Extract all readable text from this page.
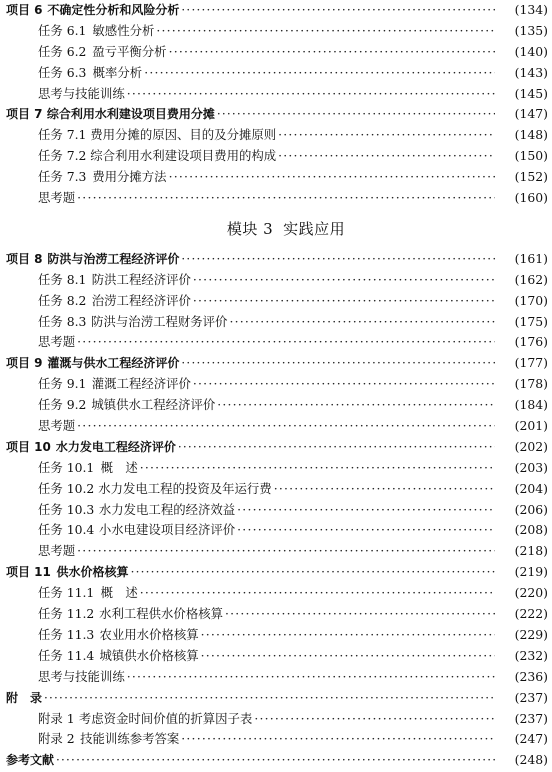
项目 6 不确定性分析和风险分析 ·····	(134)
任务 6.1 敏感性分析 ·····	(135)
任务 6.2 盈亏平衡分析 ·····	(140)
任务 6.3 概率分析 ·····	(143)
思考与技能训练 ·····	(145)
项目 7 综合利用水利建设项目费用分摊 ·····	(147)
任务 7.1 费用分摊的原因、目的及分摊原则 ·····	(148)
任务 7.2 综合利用水利建设项目费用的构成 ·····	(150)
任务 7.3 费用分摊方法 ·····	(152)
思考题 ·····	(160)
模块 3 实践应用
项目 8 防洪与治涝工程经济评价 ·····	(161)
任务 8.1 防洪工程经济评价 ·····	(162)
任务 8.2 治涝工程经济评价 ·····	(170)
任务 8.3 防洪与治涝工程财务评价 ·····	(175)
思考题 ·····	(176)
项目 9 灌溉与供水工程经济评价 ·····	(177)
任务 9.1 灌溉工程经济评价 ·····	(178)
任务 9.2 城镇供水工程经济评价 ·····	(184)
思考题 ·····	(201)
项目 10 水力发电工程经济评价 ·····	(202)
任务 10.1 概　述 ·····	(203)
任务 10.2 水力发电工程的投资及年运行费 ·····	(204)
任务 10.3 水力发电工程的经济效益 ·····	(206)
任务 10.4 小水电建设项目经济评价 ·····	(208)
思考题 ·····	(218)
项目 11 供水价格核算 ·····	(219)
任务 11.1 概　述 ·····	(220)
任务 11.2 水利工程供水价格核算 ·····	(222)
任务 11.3 农业用水价格核算 ·····	(229)
任务 11.4 城镇供水价格核算 ·····	(232)
思考与技能训练 ·····	(236)
附　录 ·····	(237)
附录 1 考虑资金时间价值的折算因子表 ·····	(237)
附录 2 技能训练参考答案 ·····	(247)
参考文献 ·····	(248)
